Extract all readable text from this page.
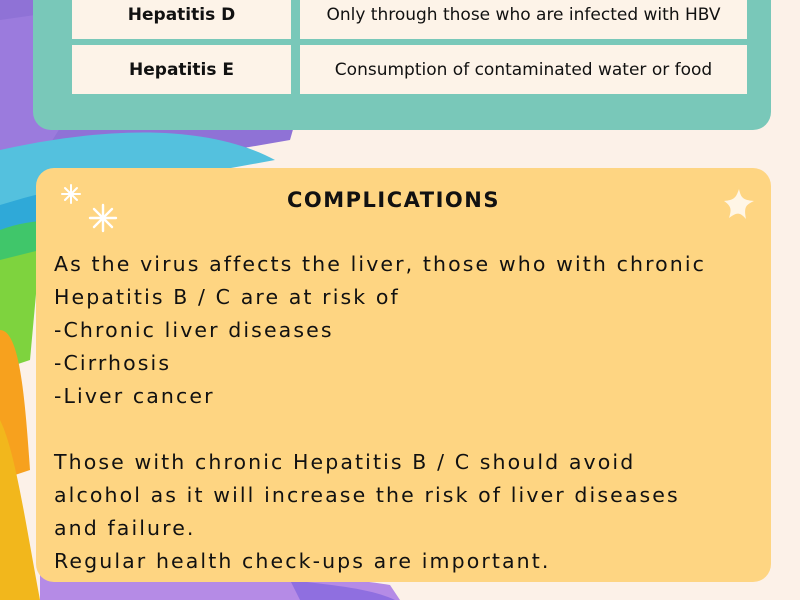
Hepatitis D	Only through those who are infected with HBV
Hepatitis E	Consumption of contaminated water or food
COMPLICATIONS

As the virus affects the liver, those who with chronic

Hepatitis B / C are at risk of

-Chronic liver diseases

-Cirrhosis

-Liver cancer

Those with chronic Hepatitis B / C should avoid

alcohol as it will increase the risk of liver diseases

and failure.

Regular health check-ups are important.
